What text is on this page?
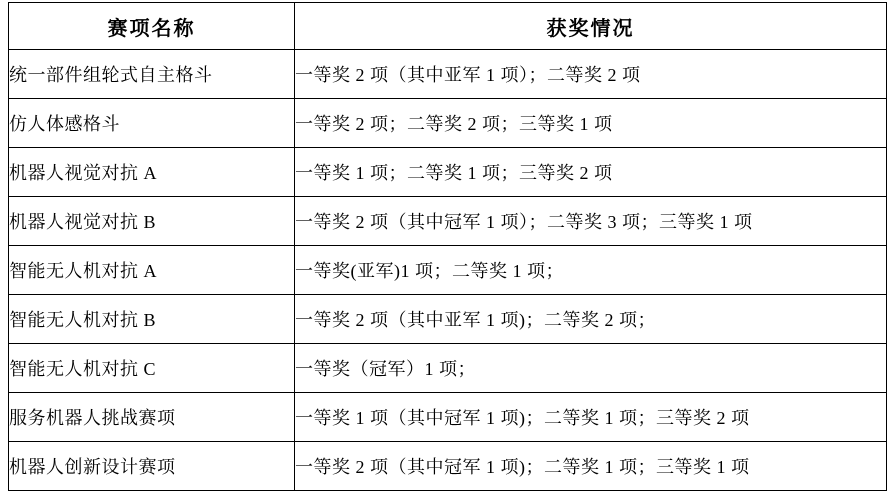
赛项名称	获奖情况
统一部件组轮式自主格斗	一等奖 2 项（其中亚军 1 项）；二等奖 2 项
仿人体感格斗	一等奖 2 项；二等奖 2 项；三等奖 1 项
机器人视觉对抗 A	一等奖 1 项；二等奖 1 项；三等奖 2 项
机器人视觉对抗 B	一等奖 2 项（其中冠军 1 项）；二等奖 3 项；三等奖 1 项
智能无人机对抗 A	一等奖(亚军)1 项；二等奖 1 项；
智能无人机对抗 B	一等奖 2 项（其中亚军 1 项)；二等奖 2 项；
智能无人机对抗 C	一等奖（冠军）1 项；
服务机器人挑战赛项	一等奖 1 项（其中冠军 1 项)；二等奖 1 项；三等奖 2 项
机器人创新设计赛项	一等奖 2 项（其中冠军 1 项)；二等奖 1 项；三等奖 1 项
